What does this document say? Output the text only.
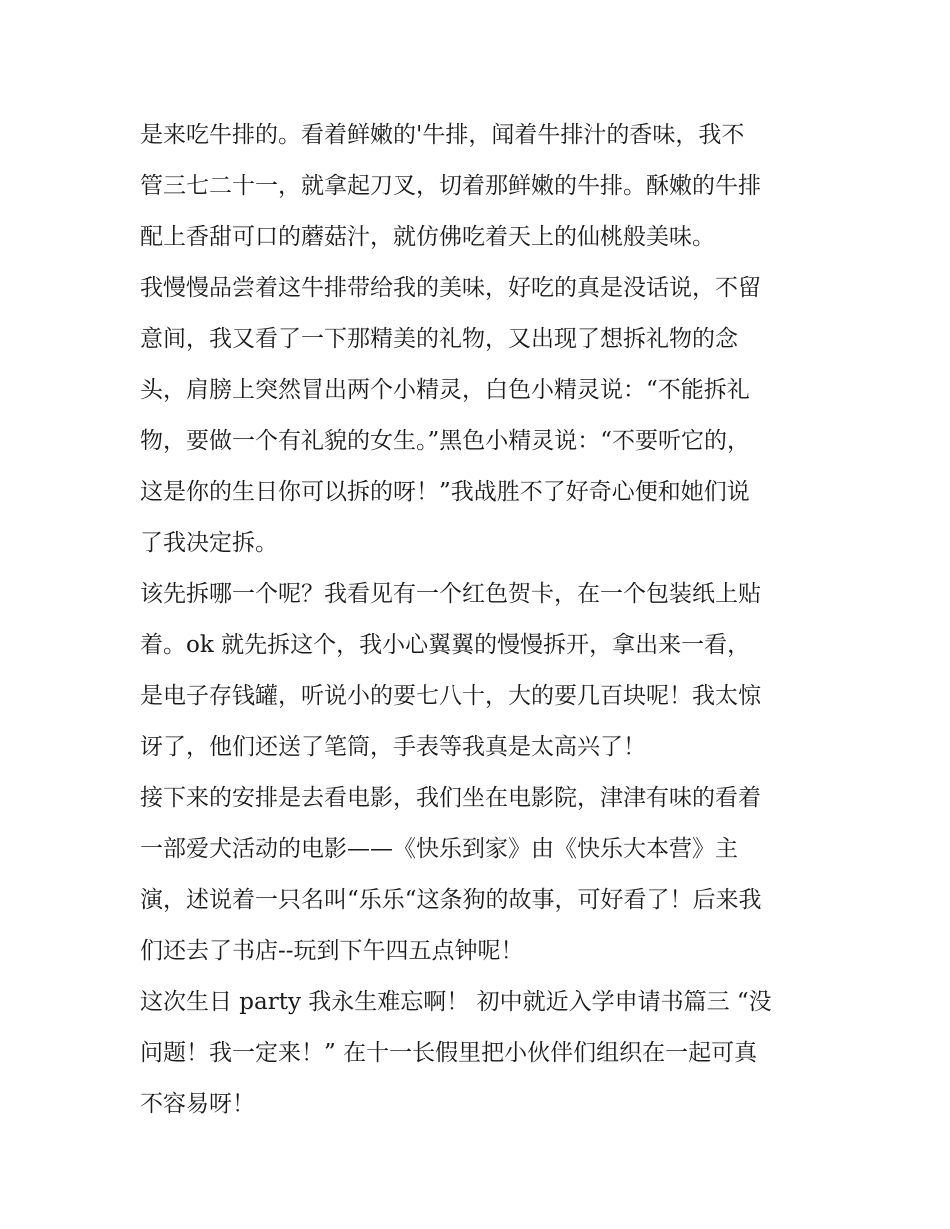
是来吃牛排的。看着鲜嫩的'牛排，闻着牛排汁的香味，我不
管三七二十一，就拿起刀叉，切着那鲜嫩的牛排。酥嫩的牛排
配上香甜可口的蘑菇汁，就仿佛吃着天上的仙桃般美味。
我慢慢品尝着这牛排带给我的美味，好吃的真是没话说，不留
意间，我又看了一下那精美的礼物，又出现了想拆礼物的念
头，肩膀上突然冒出两个小精灵，白色小精灵说：“不能拆礼
物，要做一个有礼貌的女生。”黑色小精灵说：“不要听它的，
这是你的生日你可以拆的呀！”我战胜不了好奇心便和她们说
了我决定拆。
该先拆哪一个呢？我看见有一个红色贺卡，在一个包装纸上贴
着。ok 就先拆这个，我小心翼翼的慢慢拆开，拿出来一看，
是电子存钱罐，听说小的要七八十，大的要几百块呢！我太惊
讶了，他们还送了笔筒，手表等我真是太高兴了！
接下来的安排是去看电影，我们坐在电影院，津津有味的看着
一部爱犬活动的电影——《快乐到家》由《快乐大本营》主
演，述说着一只名叫“乐乐“这条狗的故事，可好看了！后来我
们还去了书店--玩到下午四五点钟呢！
这次生日 party 我永生难忘啊！ 初中就近入学申请书篇三 “没
问题！我一定来！” 在十一长假里把小伙伴们组织在一起可真
不容易呀！
